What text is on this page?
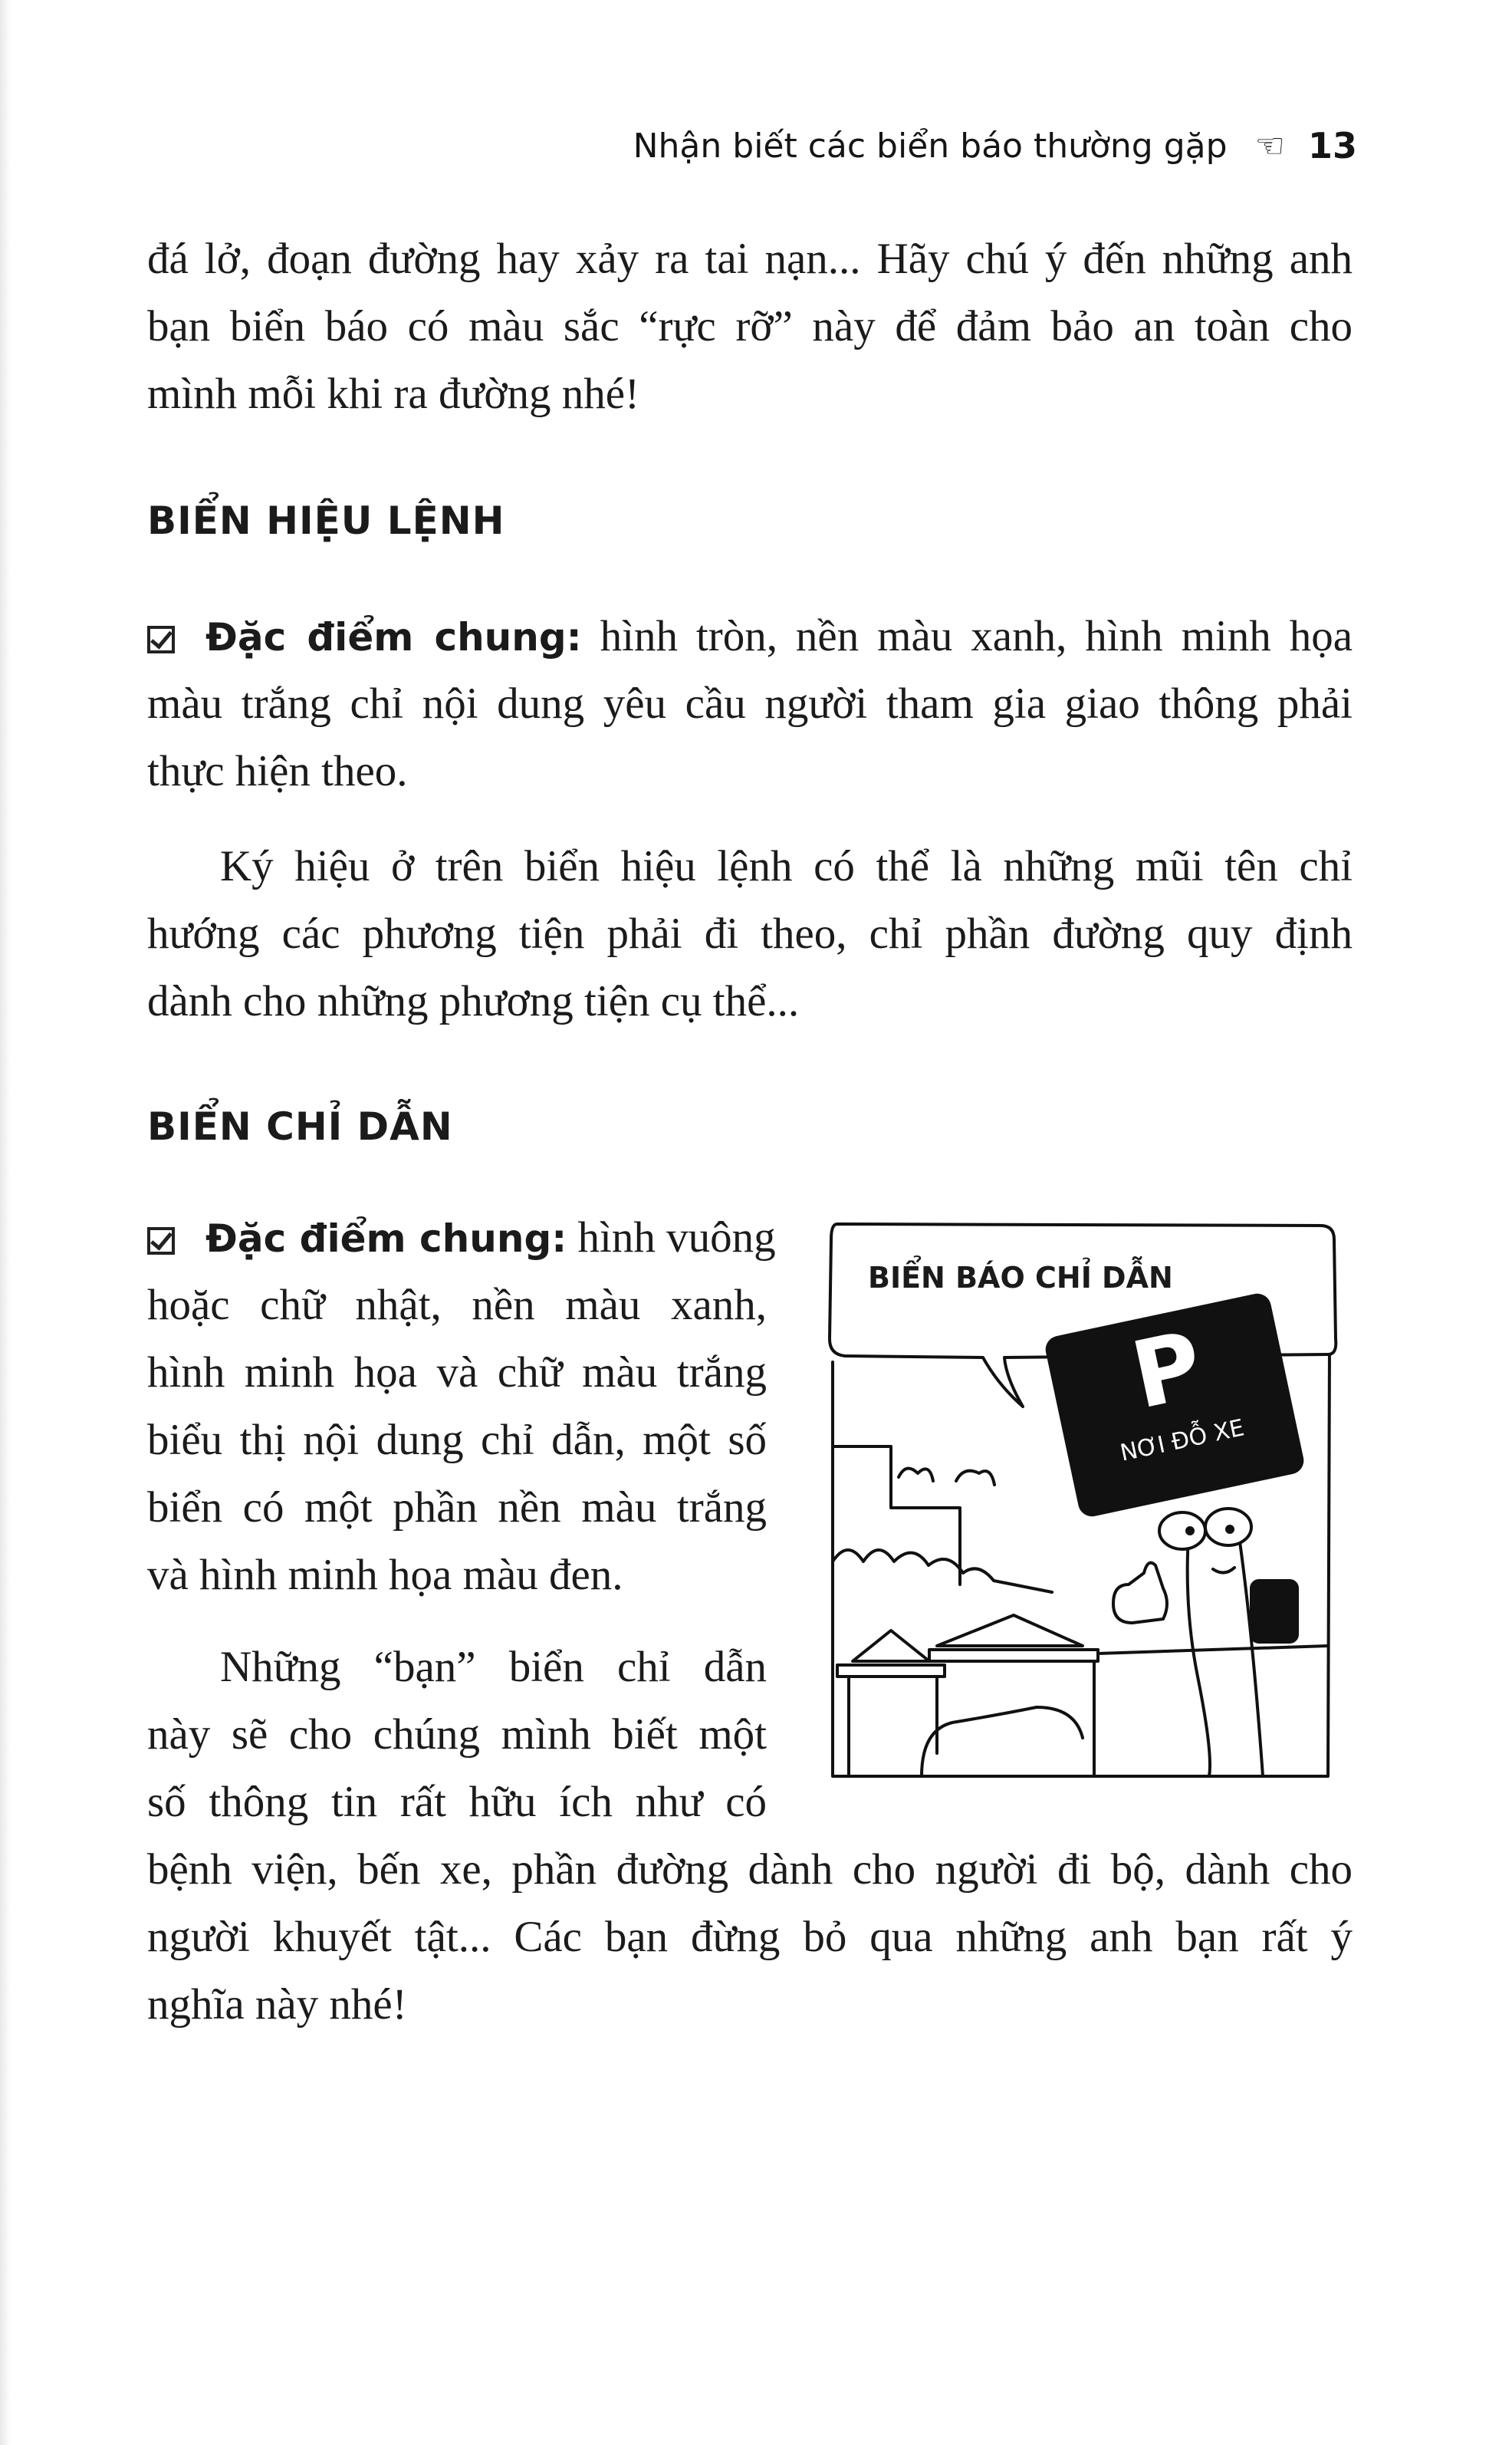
Nhận biết các biển báo thường gặp ☜ 13
đá lở, đoạn đường hay xảy ra tai nạn... Hãy chú ý đến những anh
bạn biển báo có màu sắc “rực rỡ” này để đảm bảo an toàn cho
mình mỗi khi ra đường nhé!
BIỂN HIỆU LỆNH
Đặc điểm chung: hình tròn, nền màu xanh, hình minh họa
màu trắng chỉ nội dung yêu cầu người tham gia giao thông phải
thực hiện theo.
Ký hiệu ở trên biển hiệu lệnh có thể là những mũi tên chỉ
hướng các phương tiện phải đi theo, chỉ phần đường quy định
dành cho những phương tiện cụ thể...
BIỂN CHỈ DẪN
Đặc điểm chung: hình vuông
hoặc chữ nhật, nền màu xanh,
hình minh họa và chữ màu trắng
biểu thị nội dung chỉ dẫn, một số
biển có một phần nền màu trắng
và hình minh họa màu đen.
Những “bạn” biển chỉ dẫn
này sẽ cho chúng mình biết một
số thông tin rất hữu ích như có
bệnh viện, bến xe, phần đường dành cho người đi bộ, dành cho
người khuyết tật... Các bạn đừng bỏ qua những anh bạn rất ý
nghĩa này nhé!
BIỂN BÁO CHỈ DẪN
P
NƠI ĐỖ XE
